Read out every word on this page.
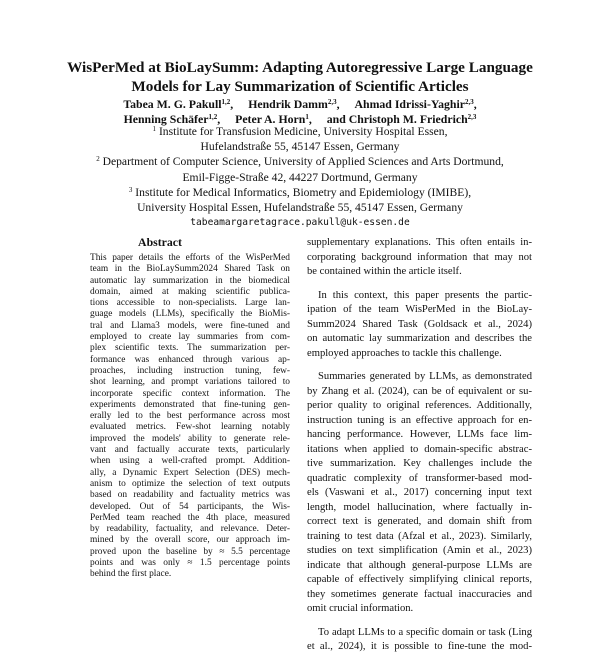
WisPerMed at BioLaySumm: Adapting Autoregressive Large Language
Models for Lay Summarization of Scientific Articles
Tabea M. G. Pakull$^{1,2}$, Hendrik Damm$^{2,3}$, Ahmad Idrissi-Yaghir$^{2,3}$,
Henning Schäfer$^{1,2}$, Peter A. Horn$^1$, and Christoph M. Friedrich$^{2,3}$
$^1$ Institute for Transfusion Medicine, University Hospital Essen,
Hufelandstraße 55, 45147 Essen, Germany
$^2$ Department of Computer Science, University of Applied Sciences and Arts Dortmund,
Emil-Figge-Straße 42, 44227 Dortmund, Germany
$^3$ Institute for Medical Informatics, Biometry and Epidemiology (IMIBE),
University Hospital Essen, Hufelandstraße 55, 45147 Essen, Germany
tabeamargaretagrace.pakull@uk-essen.de
Abstract
This paper details the efforts of the WisPerMed
team in the BioLaySumm2024 Shared Task on
automatic lay summarization in the biomedical
domain, aimed at making scientific publica-
tions accessible to non-specialists. Large lan-
guage models (LLMs), specifically the BioMis-
tral and Llama3 models, were fine-tuned and
employed to create lay summaries from com-
plex scientific texts. The summarization per-
formance was enhanced through various ap-
proaches, including instruction tuning, few-
shot learning, and prompt variations tailored to
incorporate specific context information. The
experiments demonstrated that fine-tuning gen-
erally led to the best performance across most
evaluated metrics. Few-shot learning notably
improved the models' ability to generate rele-
vant and factually accurate texts, particularly
when using a well-crafted prompt. Addition-
ally, a Dynamic Expert Selection (DES) mech-
anism to optimize the selection of text outputs
based on readability and factuality metrics was
developed. Out of 54 participants, the Wis-
PerMed team reached the 4th place, measured
by readability, factuality, and relevance. Deter-
mined by the overall score, our approach im-
proved upon the baseline by ≈ 5.5 percentage
points and was only ≈ 1.5 percentage points
behind the first place.
supplementary explanations. This often entails in-
corporating background information that may not
be contained within the article itself.
In this context, this paper presents the partic-
ipation of the team WisPerMed in the BioLay-
Summ2024 Shared Task (Goldsack et al., 2024)
on automatic lay summarization and describes the
employed approaches to tackle this challenge.
Summaries generated by LLMs, as demonstrated
by Zhang et al. (2024), can be of equivalent or su-
perior quality to original references. Additionally,
instruction tuning is an effective approach for en-
hancing performance. However, LLMs face lim-
itations when applied to domain-specific abstrac-
tive summarization. Key challenges include the
quadratic complexity of transformer-based mod-
els (Vaswani et al., 2017) concerning input text
length, model hallucination, where factually in-
correct text is generated, and domain shift from
training to test data (Afzal et al., 2023). Similarly,
studies on text simplification (Amin et al., 2023)
indicate that although general-purpose LLMs are
capable of effectively simplifying clinical reports,
they sometimes generate factual inaccuracies and
omit crucial information.
To adapt LLMs to a specific domain or task (Ling
et al., 2024), it is possible to fine-tune the mod-
